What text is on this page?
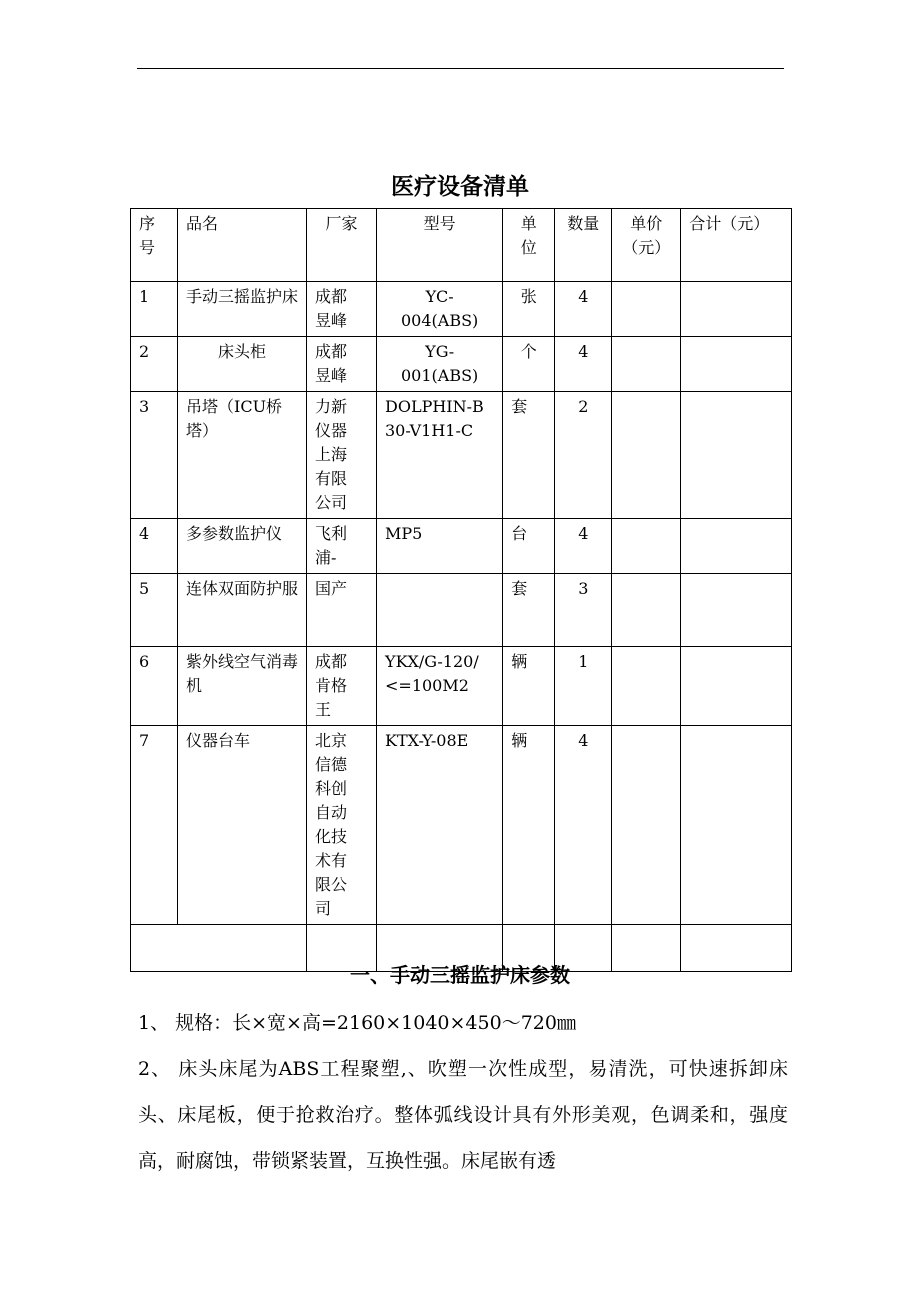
医疗设备清单
序号	品名	厂家	型号	单位	数量	单价（元）	合计（元）

1	手动三摇监护床	成都昱峰	YC-004(ABS)	张	4		
2	床头柜	成都昱峰	YG-001(ABS)	个	4		
3	吊塔（ICU桥塔）	力新仪器上海有限公司	DOLPHIN-B30-V1H1-C	套	2		
4	多参数监护仪	飞利浦-	MP5	台	4		
5	连体双面防护服	国产		套	3		
6	紫外线空气消毒机	成都肯格王	YKX/G-120/<=100M2	辆	1		
7	仪器台车	北京信德科创自动化技术有限公司	KTX-Y-08E	辆	4		

一、手动三摇监护床参数

1、 规格：长×宽×高=2160×1040×450～720㎜

2、 床头床尾为ABS工程聚塑,、吹塑一次性成型，易清洗，可快速拆卸床头、床尾板，便于抢救治疗。整体弧线设计具有外形美观，色调柔和，强度高，耐腐蚀，带锁紧装置，互换性强。床尾嵌有透
